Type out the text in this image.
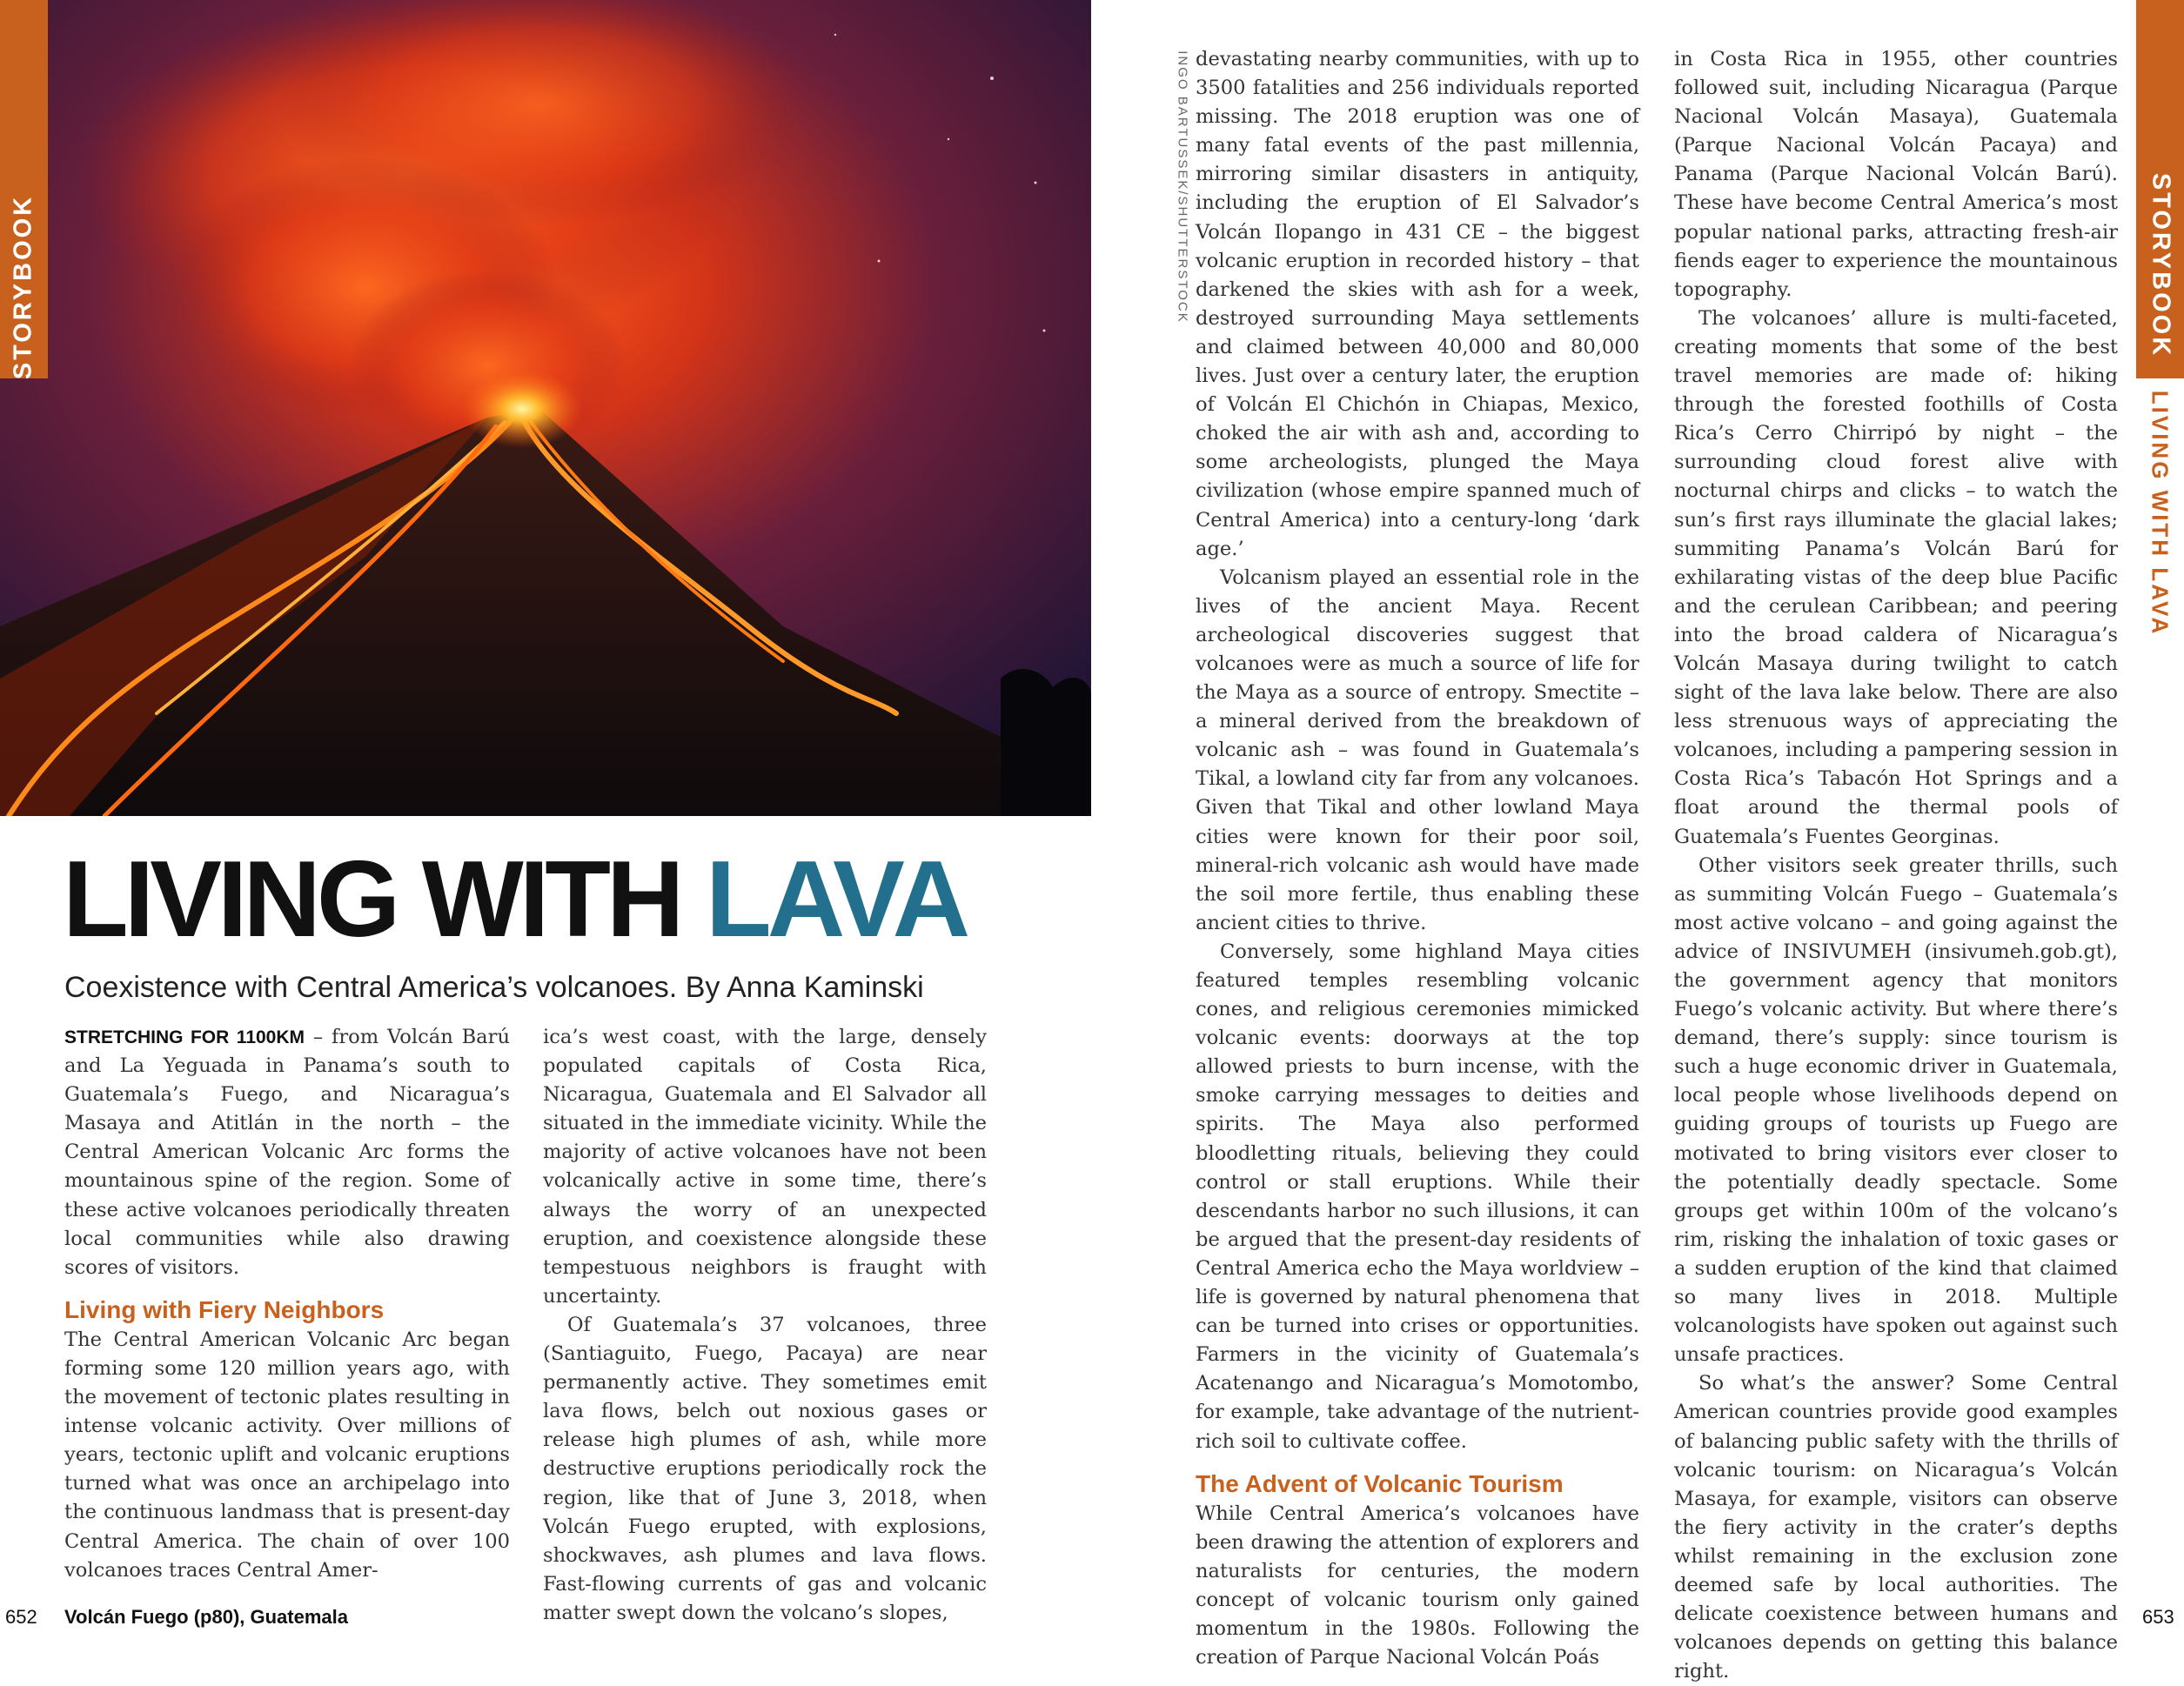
STORYBOOK	STORYBOOK
LIVING WITH LAVA
INGO BARTUSSEK/SHUTTERSTOCK
LIVING WITH LAVA
Coexistence with Central America’s volcanoes. By Anna Kaminski

STRETCHING FOR 1100KM – from Volcán Barú and La Yeguada in Panama’s south to Guatemala’s Fuego, and Nicaragua’s Masaya and Atitlán in the north – the Central American Volcanic Arc forms the mountainous spine of the region. Some of these active volcanoes periodically threaten local communities while also drawing scores of visitors.

Living with Fiery Neighbors

The Central American Volcanic Arc began forming some 120 million years ago, with the movement of tectonic plates resulting in intense volcanic activity. Over millions of years, tectonic uplift and volcanic eruptions turned what was once an archipelago into the continuous landmass that is present-day Central America. The chain of over 100 volcanoes traces Central Amer-

ica’s west coast, with the large, densely populated capitals of Costa Rica, Nicaragua, Guatemala and El Salvador all situated in the immediate vicinity. While the majority of active volcanoes have not been volcanically active in some time, there’s always the worry of an unexpected eruption, and coexistence alongside these tempestuous neighbors is fraught with uncertainty.

Of Guatemala’s 37 volcanoes, three (Santiaguito, Fuego, Pacaya) are near permanently active. They sometimes emit lava flows, belch out noxious gases or release high plumes of ash, while more destructive eruptions periodically rock the region, like that of June 3, 2018, when Volcán Fuego erupted, with explosions, shockwaves, ash plumes and lava flows. Fast-flowing currents of gas and volcanic matter swept down the volcano’s slopes,

devastating nearby communities, with up to 3500 fatalities and 256 individuals reported missing. The 2018 eruption was one of many fatal events of the past millennia, mirroring similar disasters in antiquity, including the eruption of El Salvador’s Volcán Ilopango in 431 CE – the biggest volcanic eruption in recorded history – that darkened the skies with ash for a week, destroyed surrounding Maya settlements and claimed between 40,000 and 80,000 lives. Just over a century later, the eruption of Volcán El Chichón in Chiapas, Mexico, choked the air with ash and, according to some archeologists, plunged the Maya civilization (whose empire spanned much of Central America) into a century-long ‘dark age.’

Volcanism played an essential role in the lives of the ancient Maya. Recent archeological discoveries suggest that volcanoes were as much a source of life for the Maya as a source of entropy. Smectite – a mineral derived from the breakdown of volcanic ash – was found in Guatemala’s Tikal, a lowland city far from any volcanoes. Given that Tikal and other lowland Maya cities were known for their poor soil, mineral-rich volcanic ash would have made the soil more fertile, thus enabling these ancient cities to thrive.

Conversely, some highland Maya cities featured temples resembling volcanic cones, and religious ceremonies mimicked volcanic events: doorways at the top allowed priests to burn incense, with the smoke carrying messages to deities and spirits. The Maya also performed bloodletting rituals, believing they could control or stall eruptions. While their descendants harbor no such illusions, it can be argued that the present-day residents of Central America echo the Maya worldview – life is governed by natural phenomena that can be turned into crises or opportunities. Farmers in the vicinity of Guatemala’s Acatenango and Nicaragua’s Momotombo, for example, take advantage of the nutrient-rich soil to cultivate coffee.

The Advent of Volcanic Tourism

While Central America’s volcanoes have been drawing the attention of explorers and naturalists for centuries, the modern concept of volcanic tourism only gained momentum in the 1980s. Following the creation of Parque Nacional Volcán Poás

in Costa Rica in 1955, other countries followed suit, including Nicaragua (Parque Nacional Volcán Masaya), Guatemala (Parque Nacional Volcán Pacaya) and Panama (Parque Nacional Volcán Barú). These have become Central America’s most popular national parks, attracting fresh-air fiends eager to experience the mountainous topography.

The volcanoes’ allure is multi-faceted, creating moments that some of the best travel memories are made of: hiking through the forested foothills of Costa Rica’s Cerro Chirripó by night – the surrounding cloud forest alive with nocturnal chirps and clicks – to watch the sun’s first rays illuminate the glacial lakes; summiting Panama’s Volcán Barú for exhilarating vistas of the deep blue Pacific and the cerulean Caribbean; and peering into the broad caldera of Nicaragua’s Volcán Masaya during twilight to catch sight of the lava lake below. There are also less strenuous ways of appreciating the volcanoes, including a pampering session in Costa Rica’s Tabacón Hot Springs and a float around the thermal pools of Guatemala’s Fuentes Georginas.

Other visitors seek greater thrills, such as summiting Volcán Fuego – Guatemala’s most active volcano – and going against the advice of INSIVUMEH (insivumeh.gob.gt), the government agency that monitors Fuego’s volcanic activity. But where there’s demand, there’s supply: since tourism is such a huge economic driver in Guatemala, local people whose livelihoods depend on guiding groups of tourists up Fuego are motivated to bring visitors ever closer to the potentially deadly spectacle. Some groups get within 100m of the volcano’s rim, risking the inhalation of toxic gases or a sudden eruption of the kind that claimed so many lives in 2018. Multiple volcanologists have spoken out against such unsafe practices.

So what’s the answer? Some Central American countries provide good examples of balancing public safety with the thrills of volcanic tourism: on Nicaragua’s Volcán Masaya, for example, visitors can observe the fiery activity in the crater’s depths whilst remaining in the exclusion zone deemed safe by local authorities. The delicate coexistence between humans and volcanoes depends on getting this balance right.

652 Volcán Fuego (p80), Guatemala	653
